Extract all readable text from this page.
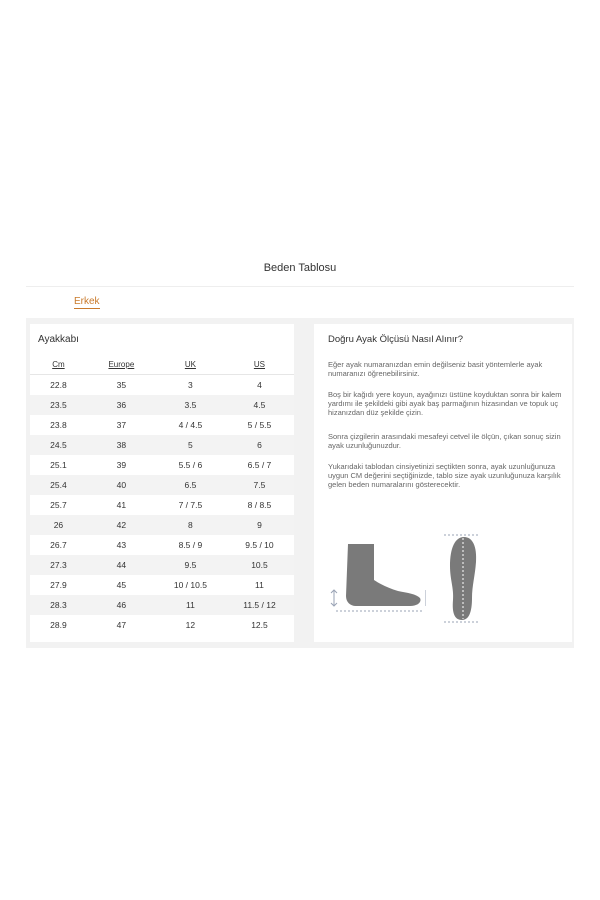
Beden Tablosu
Erkek
Ayakkabı
Cm	Europe	UK	US
22.8	35	3	4
23.5	36	3.5	4.5
23.8	37	4 / 4.5	5 / 5.5
24.5	38	5	6
25.1	39	5.5 / 6	6.5 / 7
25.4	40	6.5	7.5
25.7	41	7 / 7.5	8 / 8.5
26	42	8	9
26.7	43	8.5 / 9	9.5 / 10
27.3	44	9.5	10.5
27.9	45	10 / 10.5	11
28.3	46	11	11.5 / 12
28.9	47	12	12.5
Doğru Ayak Ölçüsü Nasıl Alınır?

Eğer ayak numaranızdan emin değilseniz basit yöntemlerle ayak numaranızı öğrenebilirsiniz.

Boş bir kağıdı yere koyun, ayağınızı üstüne koyduktan sonra bir kalem yardımı ile şekildeki gibi ayak baş parmağının hizasından ve topuk uç hizanızdan düz şekilde çizin.

Sonra çizgilerin arasındaki mesafeyi cetvel ile ölçün, çıkan sonuç sizin ayak uzunluğunuzdur.

Yukarıdaki tablodan cinsiyetinizi seçtikten sonra, ayak uzunluğunuza uygun CM değerini seçtiğinizde, tablo size ayak uzunluğunuza karşılık gelen beden numaralarını gösterecektir.
